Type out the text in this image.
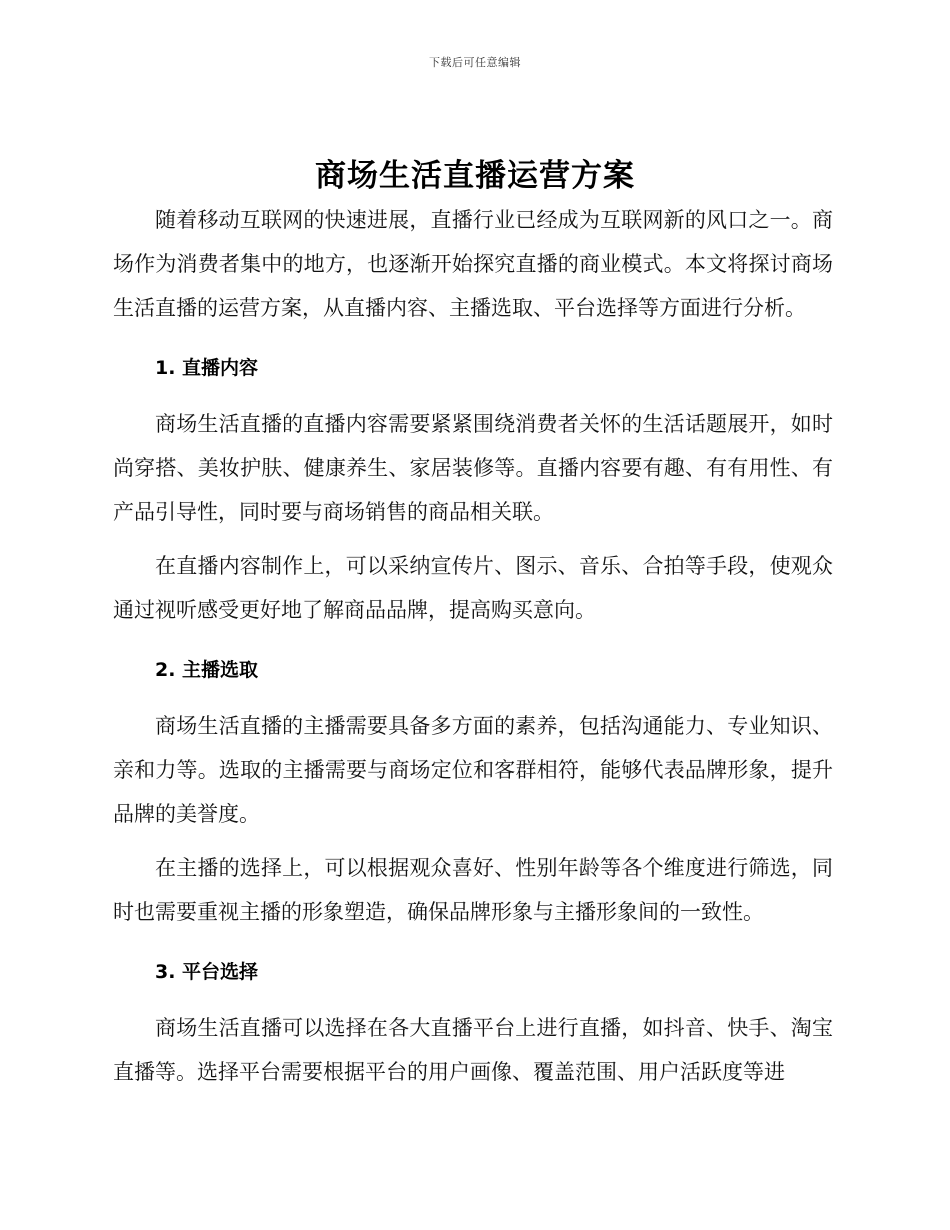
下载后可任意编辑
商场生活直播运营方案

随着移动互联网的快速进展，直播行业已经成为互联网新的风口之一。商场作为消费者集中的地方，也逐渐开始探究直播的商业模式。本文将探讨商场生活直播的运营方案，从直播内容、主播选取、平台选择等方面进行分析。

1. 直播内容

商场生活直播的直播内容需要紧紧围绕消费者关怀的生活话题展开，如时尚穿搭、美妆护肤、健康养生、家居装修等。直播内容要有趣、有有用性、有产品引导性，同时要与商场销售的商品相关联。

在直播内容制作上，可以采纳宣传片、图示、音乐、合拍等手段，使观众通过视听感受更好地了解商品品牌，提高购买意向。

2. 主播选取

商场生活直播的主播需要具备多方面的素养，包括沟通能力、专业知识、亲和力等。选取的主播需要与商场定位和客群相符，能够代表品牌形象，提升品牌的美誉度。

在主播的选择上，可以根据观众喜好、性别年龄等各个维度进行筛选，同时也需要重视主播的形象塑造，确保品牌形象与主播形象间的一致性。

3. 平台选择

商场生活直播可以选择在各大直播平台上进行直播，如抖音、快手、淘宝直播等。选择平台需要根据平台的用户画像、覆盖范围、用户活跃度等进
